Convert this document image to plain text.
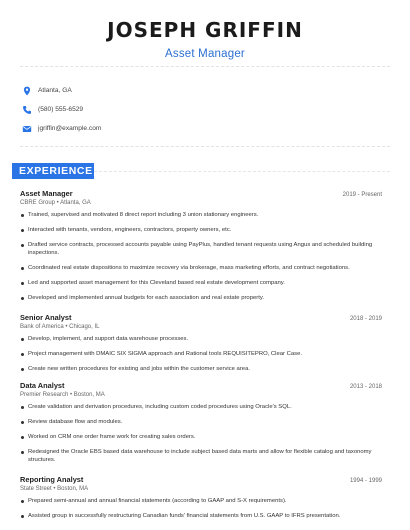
JOSEPH GRIFFIN
Asset Manager
Atlanta, GA
(580) 555-6529
jgriffin@example.com
EXPERIENCE
Asset Manager	2019 - Present
CBRE Group • Atlanta, GA
Trained, supervised and motivated 8 direct report including 3 union stationary engineers.
Interacted with tenants, vendors, engineers, contractors, property owners, etc.
Drafted service contracts, processed accounts payable using PayPlus, handled tenant requests using Angus and scheduled building inspections.
Coordinated real estate dispositions to maximize recovery via brokerage, mass marketing efforts, and contract negotiations.
Led and supported asset management for this Cleveland based real estate development company.
Developed and implemented annual budgets for each association and real estate property.
Senior Analyst	2018 - 2019
Bank of America • Chicago, IL
Develop, implement, and support data warehouse processes.
Project management with DMAIC SIX SIGMA approach and Rational tools REQUISITEPRO, Clear Case.
Create new written procedures for existing and jobs within the customer service area.
Data Analyst	2013 - 2018
Premier Research • Boston, MA
Create validation and derivation procedures, including custom coded procedures using Oracle's SQL.
Review database flow and modules.
Worked on CRM one order frame work for creating sales orders.
Redesigned the Oracle EBS based data warehouse to include subject based data marts and allow for flexible catalog and taxonomy structures.
Reporting Analyst	1994 - 1999
State Street • Boston, MA
Prepared semi-annual and annual financial statements (according to GAAP and S-X requirements).
Assisted group in successfully restructuring Canadian funds' financial statements from U.S. GAAP to IFRS presentation.
